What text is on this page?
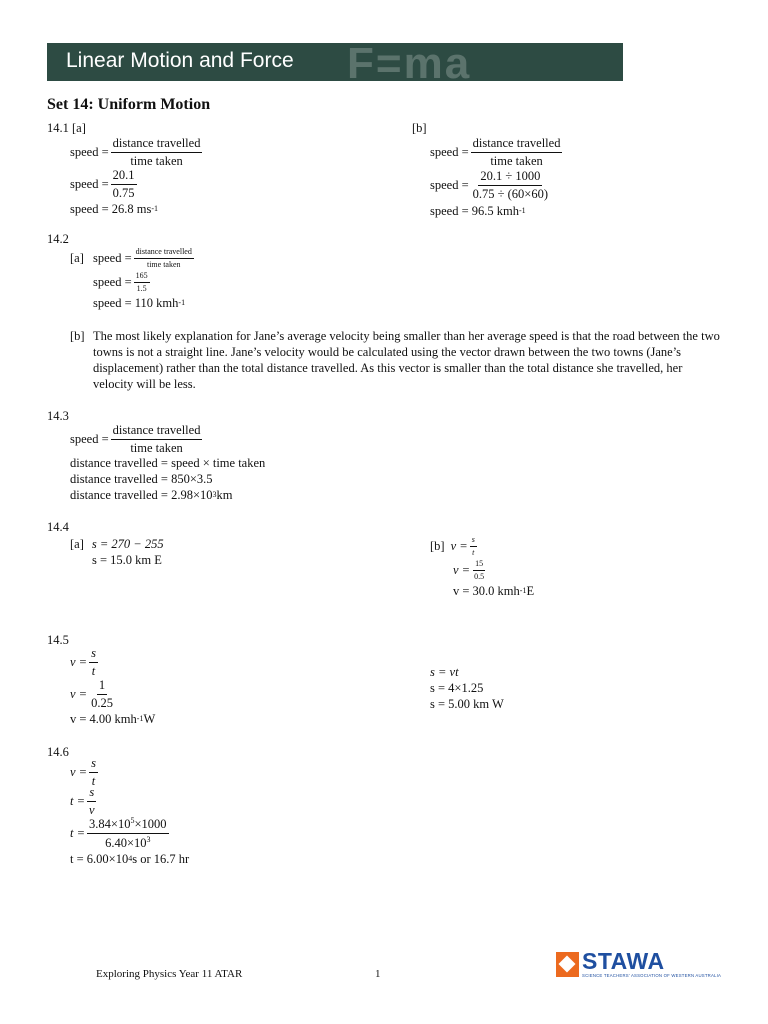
F=ma
Linear Motion and Force
Set 14: Uniform Motion
14.1 [a]
speed = $\frac{\text{distance travelled}}{\text{time taken}}$
speed = $\frac{20.1}{0.75}$
speed = 26.8 ms -1
[b]
speed = $\frac{\text{distance travelled}}{\text{time taken}}$
speed = $\frac{20.1 \div 1000}{0.75 \div (60\times 60)}$
speed = 96.5 kmh -1
14.2
[a] speed = $\frac{\text{distance travelled}}{\text{time taken}}$
speed = $\frac{165}{1.5}$
speed = 110 kmh -1
[b] The most likely explanation for Jane’s average velocity being smaller than her average speed is that the road between the two towns is not a straight line. Jane’s velocity would be calculated using the vector drawn between the two towns (Jane’s displacement) rather than the total distance travelled. As this vector is smaller than the total distance she travelled, her velocity will be less.
14.3
speed = $\frac{\text{distance travelled}}{\text{time taken}}$
distance travelled = speed × time taken
distance travelled = 850×3.5
distance travelled = 2.98×10 3 km
14.4
[a] s = 270 − 255
s = 15.0 km E
[b] $v = \frac{s}{t}$
$v = \frac{15}{0.5}$
v = 30.0 kmh -1 E
14.5
$v = \frac{s}{t}$
$v = \frac{1}{0.25}$
v = 4.00 kmh -1 W
s = vt
s = 4×1.25
s = 5.00 km W
14.6
$v = \frac{s}{t}$
$t = \frac{s}{v}$
$t = \frac{3.84\times 10^5\times 1000}{6.40\times 10^3}$
t = 6.00×10 4 s or 16.7 hr
Exploring Physics Year 11 ATAR	1	STAWA
SCIENCE TEACHERS’ ASSOCIATION OF WESTERN AUSTRALIA
